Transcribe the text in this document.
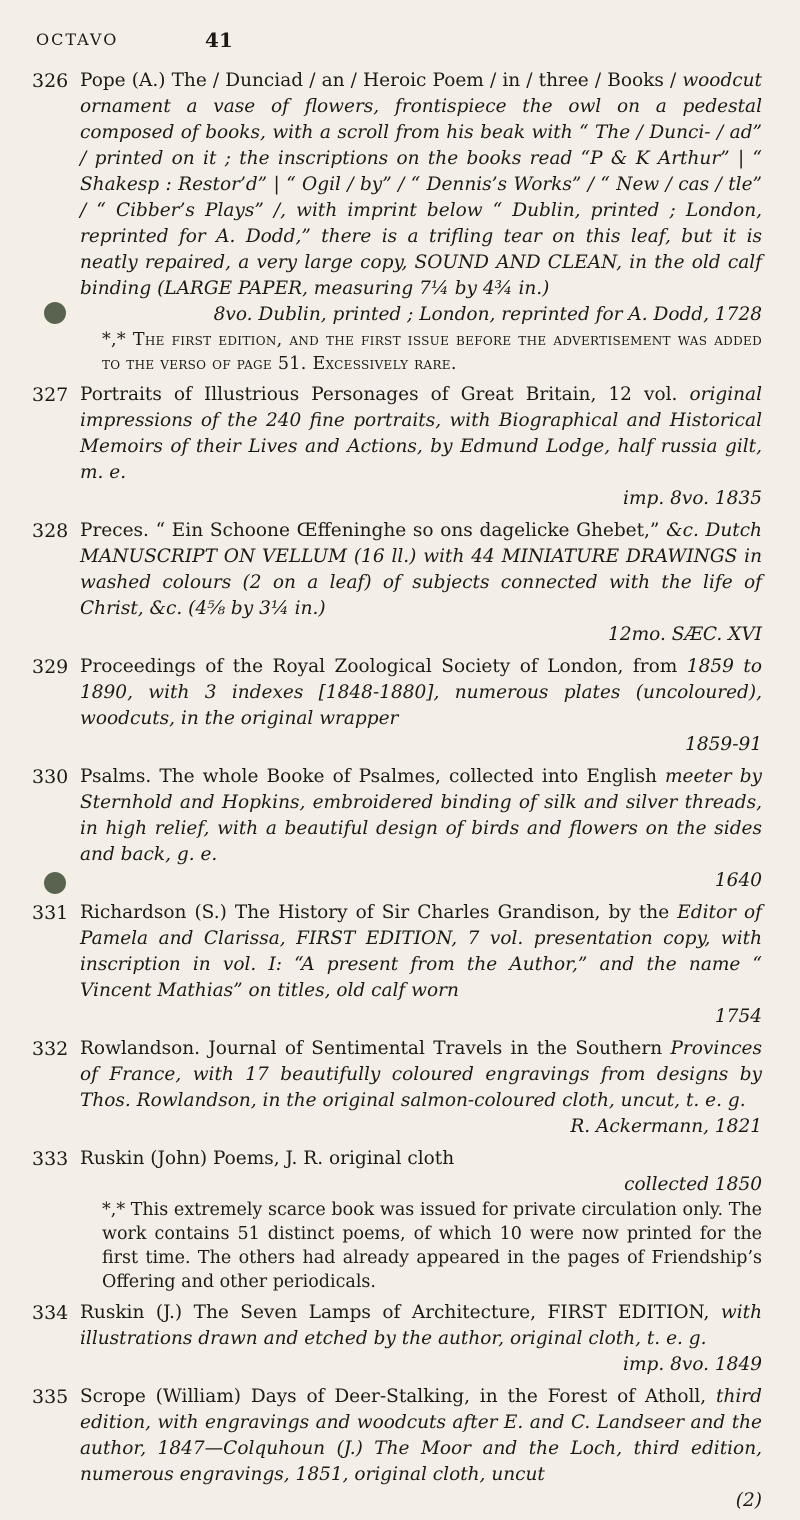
OCTAVO	41
326 Pope (A.) The / Dunciad / an / Heroic Poem / in / three / Books / woodcut ornament a vase of flowers, frontispiece the owl on a pedestal composed of books, with a scroll from his beak with “ The / Dunci- / ad” / printed on it ; the inscriptions on the books read “P & K Arthur” | “ Shakesp : Restor’d” | “ Ogil / by” / “ Dennis’s Works” / “ New / cas / tle” / “ Cibber’s Plays” /, with imprint below “ Dublin, printed ; London, reprinted for A. Dodd,” there is a trifling tear on this leaf, but it is neatly repaired, a very large copy, SOUND AND CLEAN, in the old calf binding (LARGE PAPER, measuring 7¼ by 4¾ in.)
8vo. Dublin, printed ; London, reprinted for A. Dodd, 1728
*,* The first edition, and the first issue before the advertisement was added to the verso of page 51. Excessively rare.
327 Portraits of Illustrious Personages of Great Britain, 12 vol. original impressions of the 240 fine portraits, with Biographical and Historical Memoirs of their Lives and Actions, by Edmund Lodge, half russia gilt, m. e.
imp. 8vo. 1835
328 Preces. “ Ein Schoone Œffeninghe so ons dagelicke Ghebet,” &c. Dutch MANUSCRIPT ON VELLUM (16 ll.) with 44 MINIATURE DRAWINGS in washed colours (2 on a leaf) of subjects connected with the life of Christ, &c. (4⅝ by 3¼ in.)
12mo. SÆC. XVI
329 Proceedings of the Royal Zoological Society of London, from 1859 to 1890, with 3 indexes [1848-1880], numerous plates (uncoloured), woodcuts, in the original wrapper
1859-91
330 Psalms. The whole Booke of Psalmes, collected into English meeter by Sternhold and Hopkins, embroidered binding of silk and silver threads, in high relief, with a beautiful design of birds and flowers on the sides and back, g. e.
1640
331 Richardson (S.) The History of Sir Charles Grandison, by the Editor of Pamela and Clarissa, FIRST EDITION, 7 vol. presentation copy, with inscription in vol. I: “A present from the Author,” and the name “ Vincent Mathias” on titles, old calf worn
1754
332 Rowlandson. Journal of Sentimental Travels in the Southern Provinces of France, with 17 beautifully coloured engravings from designs by Thos. Rowlandson, in the original salmon-coloured cloth, uncut, t. e. g.
R. Ackermann, 1821
333 Ruskin (John) Poems, J. R. original cloth
collected 1850
*,* This extremely scarce book was issued for private circulation only. The work contains 51 distinct poems, of which 10 were now printed for the first time. The others had already appeared in the pages of Friendship’s Offering and other periodicals.
334 Ruskin (J.) The Seven Lamps of Architecture, FIRST EDITION, with illustrations drawn and etched by the author, original cloth, t. e. g.
imp. 8vo. 1849
335 Scrope (William) Days of Deer-Stalking, in the Forest of Atholl, third edition, with engravings and woodcuts after E. and C. Landseer and the author, 1847—Colquhoun (J.) The Moor and the Loch, third edition, numerous engravings, 1851, original cloth, uncut
(2)
